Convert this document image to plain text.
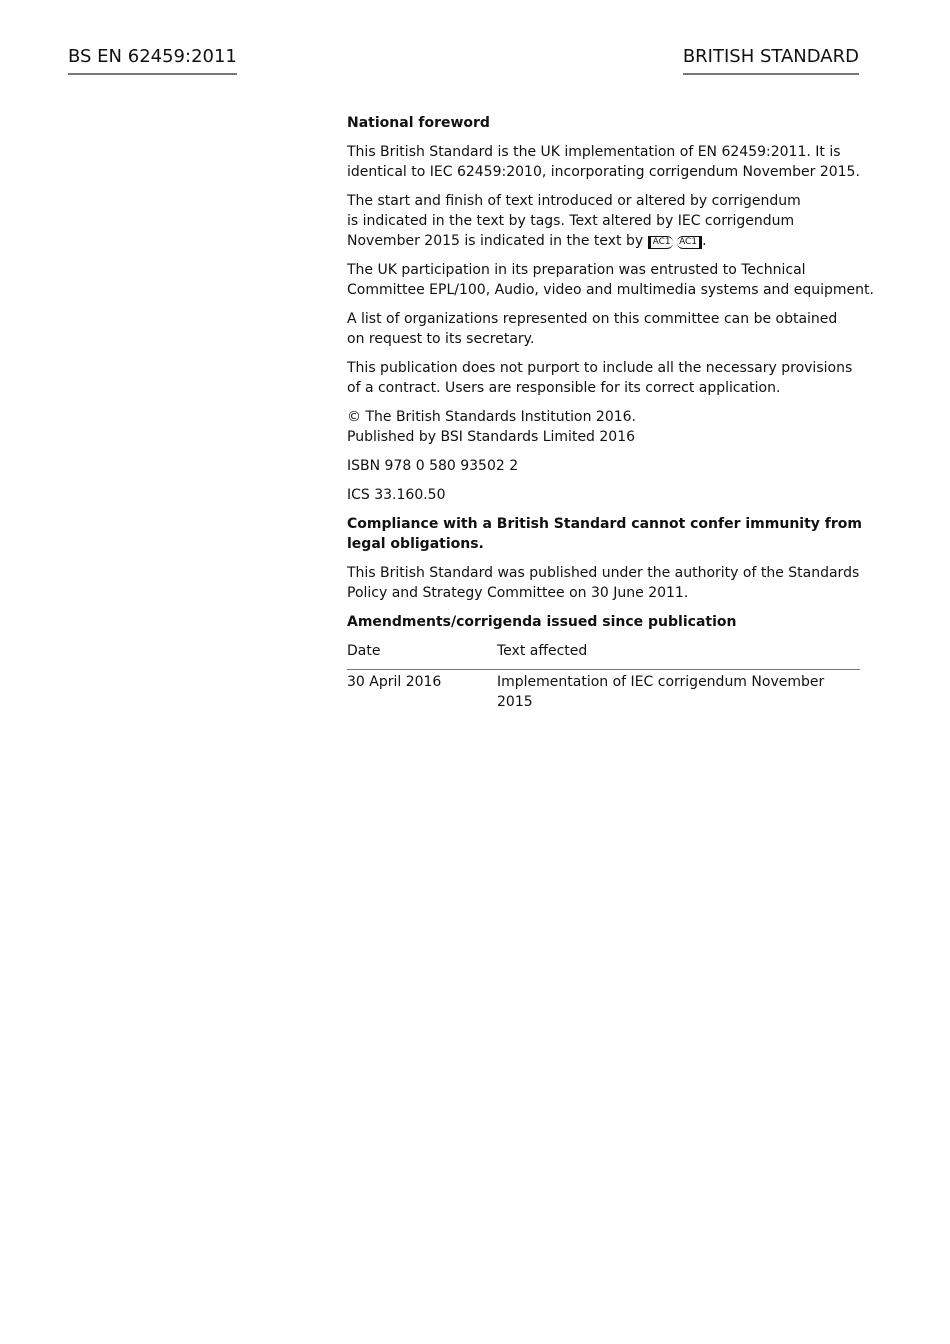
BS EN 62459:2011	BRITISH STANDARD

National foreword

This British Standard is the UK implementation of EN 62459:2011. It is
identical to IEC 62459:2010, incorporating corrigendum November 2015.

The start and finish of text introduced or altered by corrigendum
is indicated in the text by tags. Text altered by IEC corrigendum
November 2015 is indicated in the text by AC1 AC1 .

The UK participation in its preparation was entrusted to Technical
Committee EPL/100, Audio, video and multimedia systems and equipment.

A list of organizations represented on this committee can be obtained
on request to its secretary.

This publication does not purport to include all the necessary provisions
of a contract. Users are responsible for its correct application.

© The British Standards Institution 2016.
Published by BSI Standards Limited 2016

ISBN 978 0 580 93502 2

ICS 33.160.50

Compliance with a British Standard cannot confer immunity from
legal obligations.

This British Standard was published under the authority of the Standards
Policy and Strategy Committee on 30 June 2011.

Amendments/corrigenda issued since publication

Date	Text affected
30 April 2016	Implementation of IEC corrigendum November 2015
